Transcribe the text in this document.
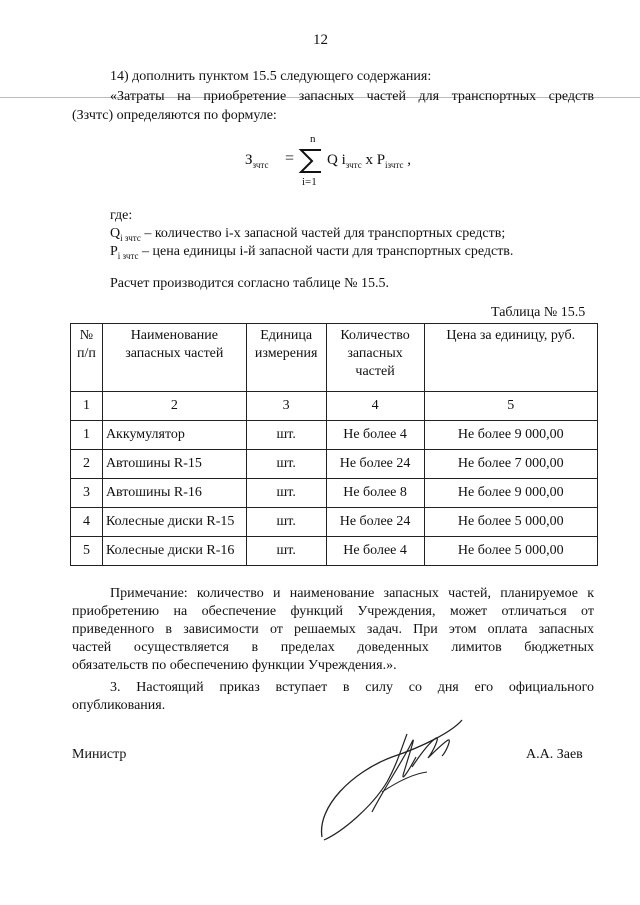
12
14) дополнить пунктом 15.5 следующего содержания:
«Затраты на приобретение запасных частей для транспортных средств
(Ззчтс) определяются по формуле:
$З_{зчтс}$ =
n
i=1
Q $i_{зчтс}$ х $P_{iзчтс}$ ,
где:
$Q_{i зчтс}$ – количество i-х запасной частей для транспортных средств;
$P_{i зчтс}$ – цена единицы i-й запасной части для транспортных средств.
Расчет производится согласно таблице № 15.5.
Таблица № 15.5
№ п/п	Наименование запасных частей	Единица измерения	Количество запасных частей	Цена за единицу, руб.
1	2	3	4	5
1	Аккумулятор	шт.	Не более 4	Не более 9 000,00
2	Автошины R-15	шт.	Не более 24	Не более 7 000,00
3	Автошины R-16	шт.	Не более 8	Не более 9 000,00
4	Колесные диски R-15	шт.	Не более 24	Не более 5 000,00
5	Колесные диски R-16	шт.	Не более 4	Не более 5 000,00
Примечание: количество и наименование запасных частей, планируемое к
приобретению на обеспечение функций Учреждения, может отличаться от
приведенного в зависимости от решаемых задач. При этом оплата запасных
частей осуществляется в пределах доведенных лимитов бюджетных
обязательств по обеспечению функции Учреждения.».
3. Настоящий приказ вступает в силу со дня его официального
опубликования.
Министр	А.А. Заев
